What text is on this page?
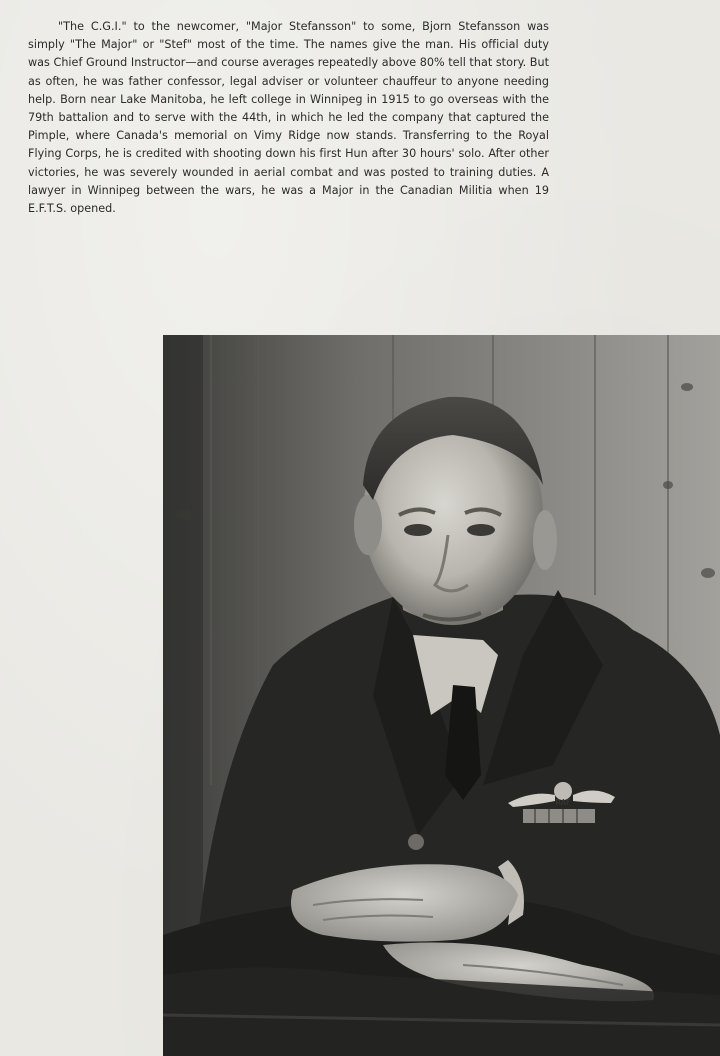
"The C.G.I." to the newcomer, "Major Stefansson" to some, Bjorn Stefansson was simply "The Major" or "Stef" most of the time. The names give the man. His official duty was Chief Ground Instructor—and course averages repeatedly above 80% tell that story. But as often, he was father confessor, legal adviser or volunteer chauffeur to anyone needing help. Born near Lake Manitoba, he left college in Winnipeg in 1915 to go overseas with the 79th battalion and to serve with the 44th, in which he led the company that captured the Pimple, where Canada's memorial on Vimy Ridge now stands. Transferring to the Royal Flying Corps, he is credited with shooting down his first Hun after 30 hours' solo. After other victories, he was severely wounded in aerial combat and was posted to training duties. A lawyer in Winnipeg between the wars, he was a Major in the Canadian Militia when 19 E.F.T.S. opened.

RAF
